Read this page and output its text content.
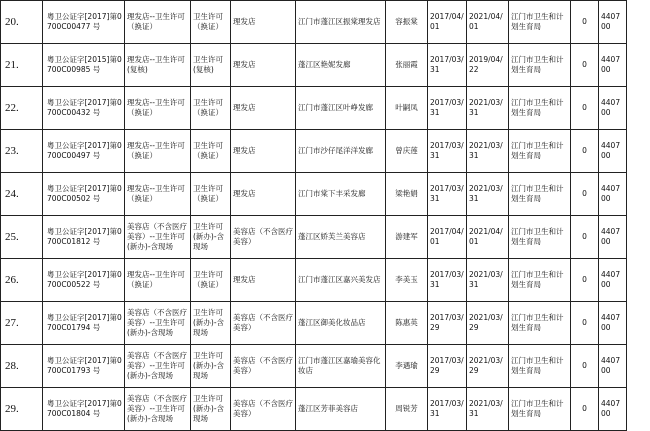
20.	粤卫公证字[2017]第0700C00477 号	理发店--卫生许可（换证）	卫生许可（换证）	理发店	江门市蓬江区振棠理发店	容振棠	2017/04/01	2021/04/01	江门市卫生和计划生育局	0	440700
21.	粤卫公证字[2015]第0700C00985 号	理发店--卫生许可(复核)	卫生许可(复核)	理发店	蓬江区艳妮发廊	张丽霞	2017/03/31	2019/04/22	江门市卫生和计划生育局	0	440700
22.	粤卫公证字[2017]第0700C00432 号	理发店--卫生许可（换证）	卫生许可（换证）	理发店	江门市蓬江区叶峥发廊	叶嗣凤	2017/03/31	2021/03/31	江门市卫生和计划生育局	0	440700
23.	粤卫公证字[2017]第0700C00497 号	理发店--卫生许可（换证）	卫生许可（换证）	理发店	江门市沙仔尾洋洋发廊	曾庆莲	2017/03/31	2021/03/31	江门市卫生和计划生育局	0	440700
24.	粤卫公证字[2017]第0700C00502 号	理发店--卫生许可（换证）	卫生许可（换证）	理发店	江门市棠下丰采发廊	梁艳娟	2017/03/31	2021/03/31	江门市卫生和计划生育局	0	440700
25.	粤卫公证字[2017]第0700C01812 号	美容店（不含医疗美容）--卫生许可(新办)-含现场	卫生许可(新办)-含现场	美容店（不含医疗美容）	蓬江区娇芙兰美容店	游建军	2017/04/01	2021/04/01	江门市卫生和计划生育局	0	440700
26.	粤卫公证字[2017]第0700C00522 号	理发店--卫生许可（换证）	卫生许可（换证）	理发店	江门市蓬江区嘉兴美发店	李美玉	2017/03/31	2021/03/31	江门市卫生和计划生育局	0	440700
27.	粤卫公证字[2017]第0700C01794 号	美容店（不含医疗美容）--卫生许可(新办)-含现场	卫生许可(新办)-含现场	美容店（不含医疗美容）	蓬江区御美化妆品店	陈惠英	2017/03/29	2021/03/29	江门市卫生和计划生育局	0	440700
28.	粤卫公证字[2017]第0700C01793 号	美容店（不含医疗美容）--卫生许可(新办)-含现场	卫生许可(新办)-含现场	美容店（不含医疗美容）	江门市蓬江区嘉瑜美容化妆店	李遇瑜	2017/03/29	2021/03/29	江门市卫生和计划生育局	0	440700
29.	粤卫公证字[2017]第0700C01804 号	美容店（不含医疗美容）--卫生许可(新办)-含现场	卫生许可(新办)-含现场	美容店（不含医疗美容）	蓬江区芳菲美容店	周锐芳	2017/03/31	2021/03/31	江门市卫生和计划生育局	0	440700
